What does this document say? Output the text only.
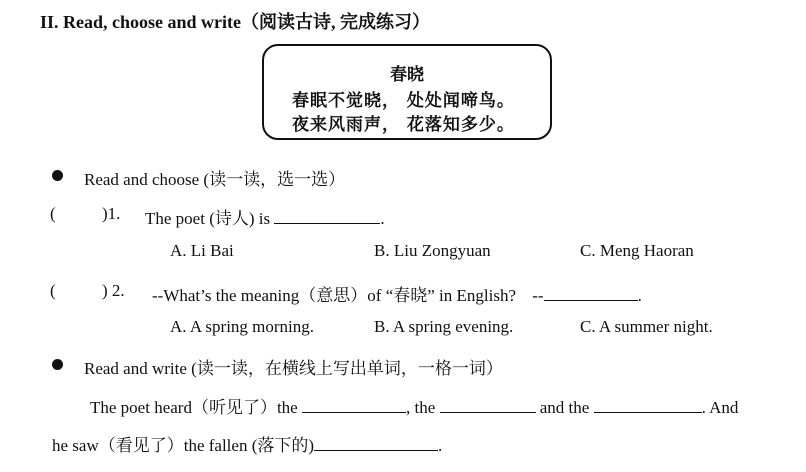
II. Read, choose and write（阅读古诗, 完成练习）
春晓
春眠不觉晓， 处处闻啼鸟。
夜来风雨声， 花落知多少。
Read and choose (读一读，选一选）
(	)1. The poet (诗人) is	.
A. Li Bai	B. Liu Zongyuan	C. Meng Haoran
(	) 2. --What’s the meaning（意思）of “春晓” in English? --	.
A. A spring morning.	B. A spring evening.	C. A summer night.
Read and write (读一读，在横线上写出单词，一格一词）
The poet heard（听见了）the	, the	and the	. And
he saw（看见了）the fallen (落下的)	.
